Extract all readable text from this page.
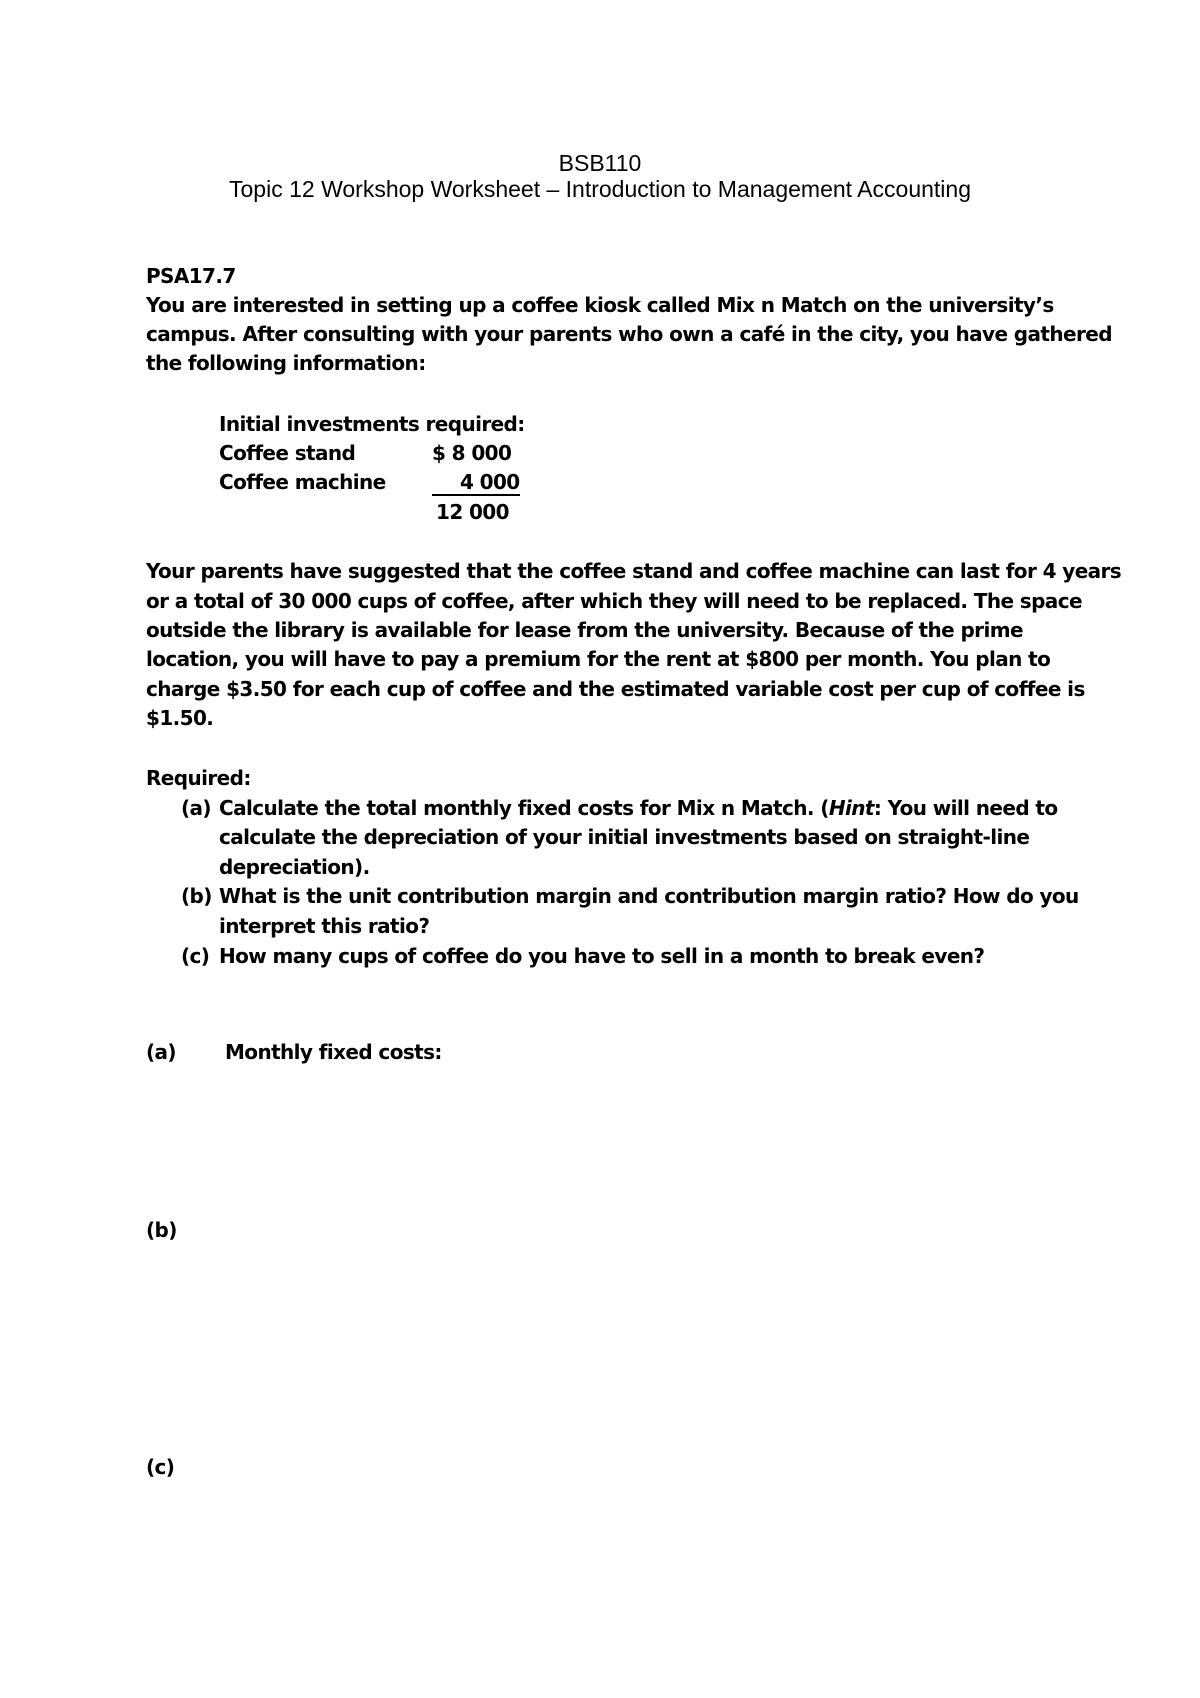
BSB110
Topic 12 Workshop Worksheet – Introduction to Management Accounting
PSA17.7
You are interested in setting up a coffee kiosk called Mix n Match on the university’s
campus. After consulting with your parents who own a café in the city, you have gathered
the following information:
Initial investments required:
Coffee stand	$ 8 000
Coffee machine	4 000
12 000
Your parents have suggested that the coffee stand and coffee machine can last for 4 years
or a total of 30 000 cups of coffee, after which they will need to be replaced. The space
outside the library is available for lease from the university. Because of the prime
location, you will have to pay a premium for the rent at $800 per month. You plan to
charge $3.50 for each cup of coffee and the estimated variable cost per cup of coffee is
$1.50.
Required:
(a) Calculate the total monthly fixed costs for Mix n Match. (Hint: You will need to
calculate the depreciation of your initial investments based on straight-line
depreciation).
(b) What is the unit contribution margin and contribution margin ratio? How do you
interpret this ratio?
(c) How many cups of coffee do you have to sell in a month to break even?
(a) Monthly fixed costs:
(b)
(c)
